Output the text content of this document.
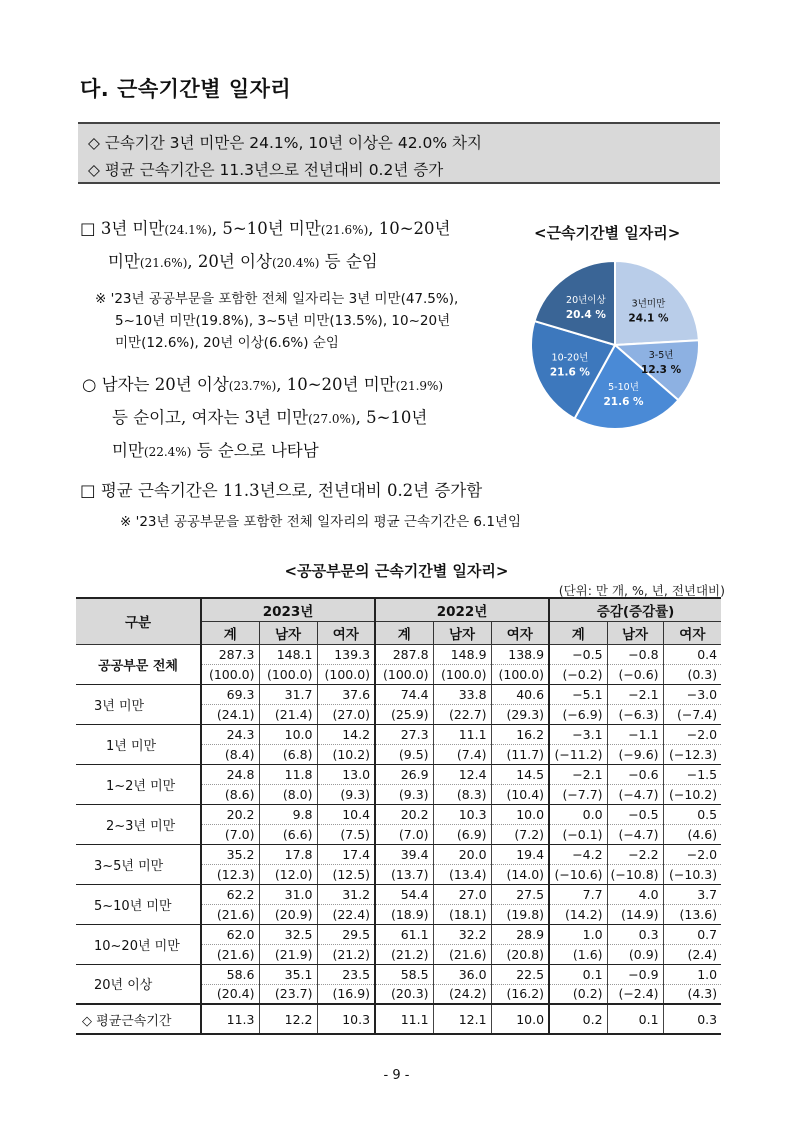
다. 근속기간별 일자리
◇ 근속기간 3년 미만은 24.1%, 10년 이상은 42.0% 차지
◇ 평균 근속기간은 11.3년으로 전년대비 0.2년 증가
□ 3년 미만(24.1%), 5~10년 미만(21.6%), 10~20년
미만(21.6%), 20년 이상(20.4%) 등 순임
※ '23년 공공부문을 포함한 전체 일자리는 3년 미만(47.5%),
5~10년 미만(19.8%), 3~5년 미만(13.5%), 10~20년
미만(12.6%), 20년 이상(6.6%) 순임
○ 남자는 20년 이상(23.7%), 10~20년 미만(21.9%)
등 순이고, 여자는 3년 미만(27.0%), 5~10년
미만(22.4%) 등 순으로 나타남
□ 평균 근속기간은 11.3년으로, 전년대비 0.2년 증가함
※ '23년 공공부문을 포함한 전체 일자리의 평균 근속기간은 6.1년임
<근속기간별 일자리>
3년미만
24.1 %
3-5년
12.3 %
5-10년
21.6 %
10-20년
21.6 %
20년이상
20.4 %
<공공부문의 근속기간별 일자리>
(단위: 만 개, %, 년, 전년대비)
구분	2023년			2022년			증감(증감률)		
	계	남자	여자	계	남자	여자	계	남자	여자
공공부문 전체	287.3	148.1	139.3	287.8	148.9	138.9	−0.5	−0.8	0.4
	(100.0)	(100.0)	(100.0)	(100.0)	(100.0)	(100.0)	(−0.2)	(−0.6)	(0.3)
3년 미만	69.3	31.7	37.6	74.4	33.8	40.6	−5.1	−2.1	−3.0
	(24.1)	(21.4)	(27.0)	(25.9)	(22.7)	(29.3)	(−6.9)	(−6.3)	(−7.4)
1년 미만	24.3	10.0	14.2	27.3	11.1	16.2	−3.1	−1.1	−2.0
	(8.4)	(6.8)	(10.2)	(9.5)	(7.4)	(11.7)	(−11.2)	(−9.6)	(−12.3)
1~2년 미만	24.8	11.8	13.0	26.9	12.4	14.5	−2.1	−0.6	−1.5
	(8.6)	(8.0)	(9.3)	(9.3)	(8.3)	(10.4)	(−7.7)	(−4.7)	(−10.2)
2~3년 미만	20.2	9.8	10.4	20.2	10.3	10.0	0.0	−0.5	0.5
	(7.0)	(6.6)	(7.5)	(7.0)	(6.9)	(7.2)	(−0.1)	(−4.7)	(4.6)
3~5년 미만	35.2	17.8	17.4	39.4	20.0	19.4	−4.2	−2.2	−2.0
	(12.3)	(12.0)	(12.5)	(13.7)	(13.4)	(14.0)	(−10.6)	(−10.8)	(−10.3)
5~10년 미만	62.2	31.0	31.2	54.4	27.0	27.5	7.7	4.0	3.7
	(21.6)	(20.9)	(22.4)	(18.9)	(18.1)	(19.8)	(14.2)	(14.9)	(13.6)
10~20년 미만	62.0	32.5	29.5	61.1	32.2	28.9	1.0	0.3	0.7
	(21.6)	(21.9)	(21.2)	(21.2)	(21.6)	(20.8)	(1.6)	(0.9)	(2.4)
20년 이상	58.6	35.1	23.5	58.5	36.0	22.5	0.1	−0.9	1.0
	(20.4)	(23.7)	(16.9)	(20.3)	(24.2)	(16.2)	(0.2)	(−2.4)	(4.3)
◇ 평균근속기간	11.3	12.2	10.3	11.1	12.1	10.0	0.2	0.1	0.3
- 9 -
